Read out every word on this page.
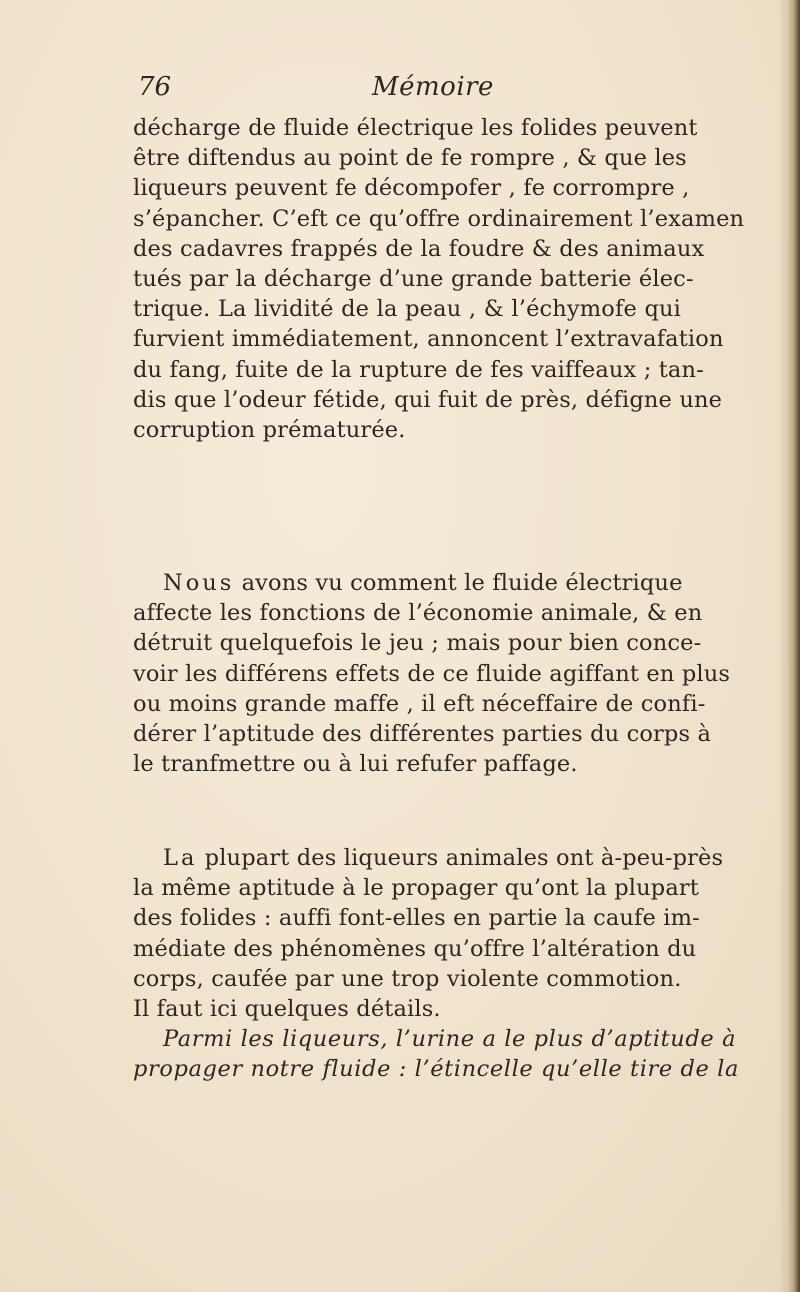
76	Mémoire
décharge de fluide électrique les folides peuvent
être diftendus au point de fe rompre , & que les
liqueurs peuvent fe décompofer , fe corrompre ,
s’épancher. C’eft ce qu’offre ordinairement l’examen
des cadavres frappés de la foudre & des animaux
tués par la décharge d’une grande batterie élec-
trique. La lividité de la peau , & l’échymofe qui
furvient immédiatement, annoncent l’extravafation
du fang, fuite de la rupture de fes vaiffeaux ; tan-
dis que l’odeur fétide, qui fuit de près, défigne une
corruption prématurée.
Nous avons vu comment le fluide électrique
affecte les fonctions de l’économie animale, & en
détruit quelquefois le jeu ; mais pour bien conce-
voir les différens effets de ce fluide agiffant en plus
ou moins grande maffe , il eft néceffaire de confi-
dérer l’aptitude des différentes parties du corps à
le tranfmettre ou à lui refufer paffage.
La plupart des liqueurs animales ont à-peu-près
la même aptitude à le propager qu’ont la plupart
des folides : auffi font-elles en partie la caufe im-
médiate des phénomènes qu’offre l’altération du
corps, caufée par une trop violente commotion.
Il faut ici quelques détails.
Parmi les liqueurs, l’urine a le plus d’aptitude à
propager notre fluide : l’étincelle qu’elle tire de la
